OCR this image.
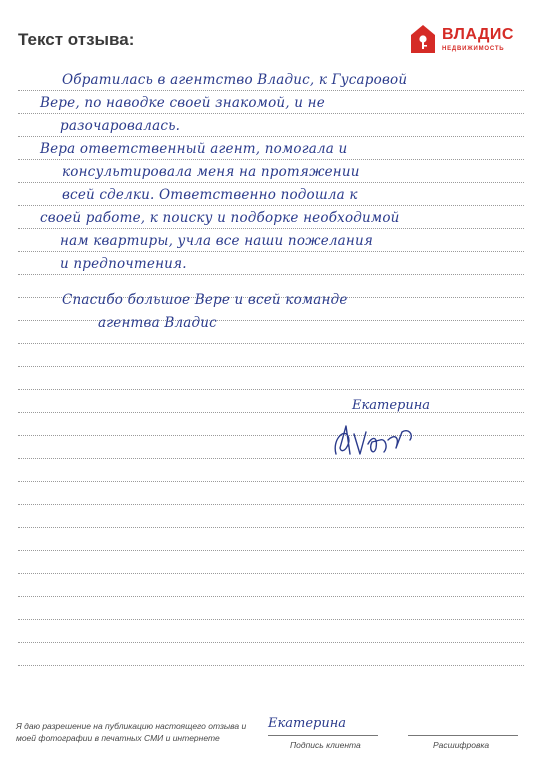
Текст отзыва:	ВЛАДИС
НЕДВИЖИМОСТЬ
Обратилась в агентство Владис, к Гусаровой
Вере, по наводке своей знакомой, и не
разочаровалась.
Вера ответственный агент, помогала и
консультировала меня на протяжении
всей сделки. Ответственно подошла к
своей работе, к поиску и подборке необходимой
нам квартиры, учла все наши пожелания
и предпочтения.
Спасибо большое Вере и всей команде
агентва Владис
Екатерина
Я даю разрешение на публикацию настоящего отзыва и моей фотографии в печатных СМИ и интернете
Екатерина
Подпись клиента	Расшифровка
